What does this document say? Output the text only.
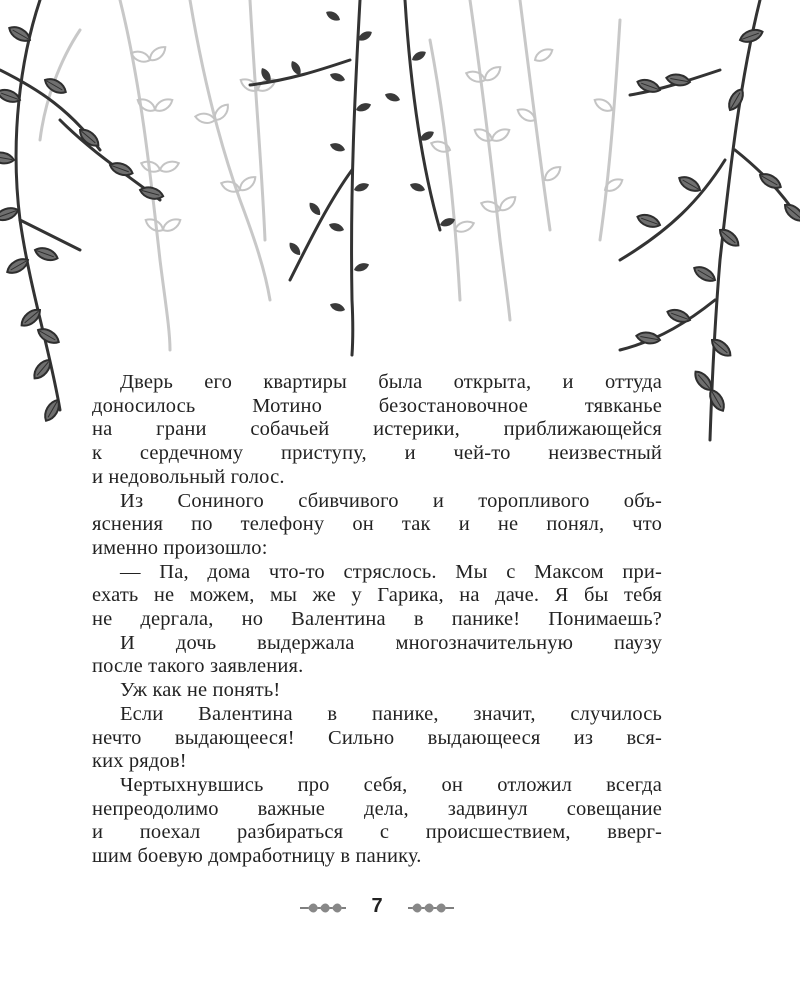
Дверь его квартиры была открыта, и оттуда
доносилось Мотино безостановочное тявканье
на грани собачьей истерики, приближающейся
к сердечному приступу, и чей-то неизвестный
и недовольный голос.
Из Сониного сбивчивого и торопливого объ-
яснения по телефону он так и не понял, что
именно произошло:
— Па, дома что-то стряслось. Мы с Максом при-
ехать не можем, мы же у Гарика, на даче. Я бы тебя
не дергала, но Валентина в панике! Понимаешь?
И дочь выдержала многозначительную паузу
после такого заявления.
Уж как не понять!
Если Валентина в панике, значит, случилось
нечто выдающееся! Сильно выдающееся из вся-
ких рядов!
Чертыхнувшись про себя, он отложил всегда
непреодолимо важные дела, задвинул совещание
и поехал разбираться с происшествием, вверг-
шим боевую домработницу в панику.
7
